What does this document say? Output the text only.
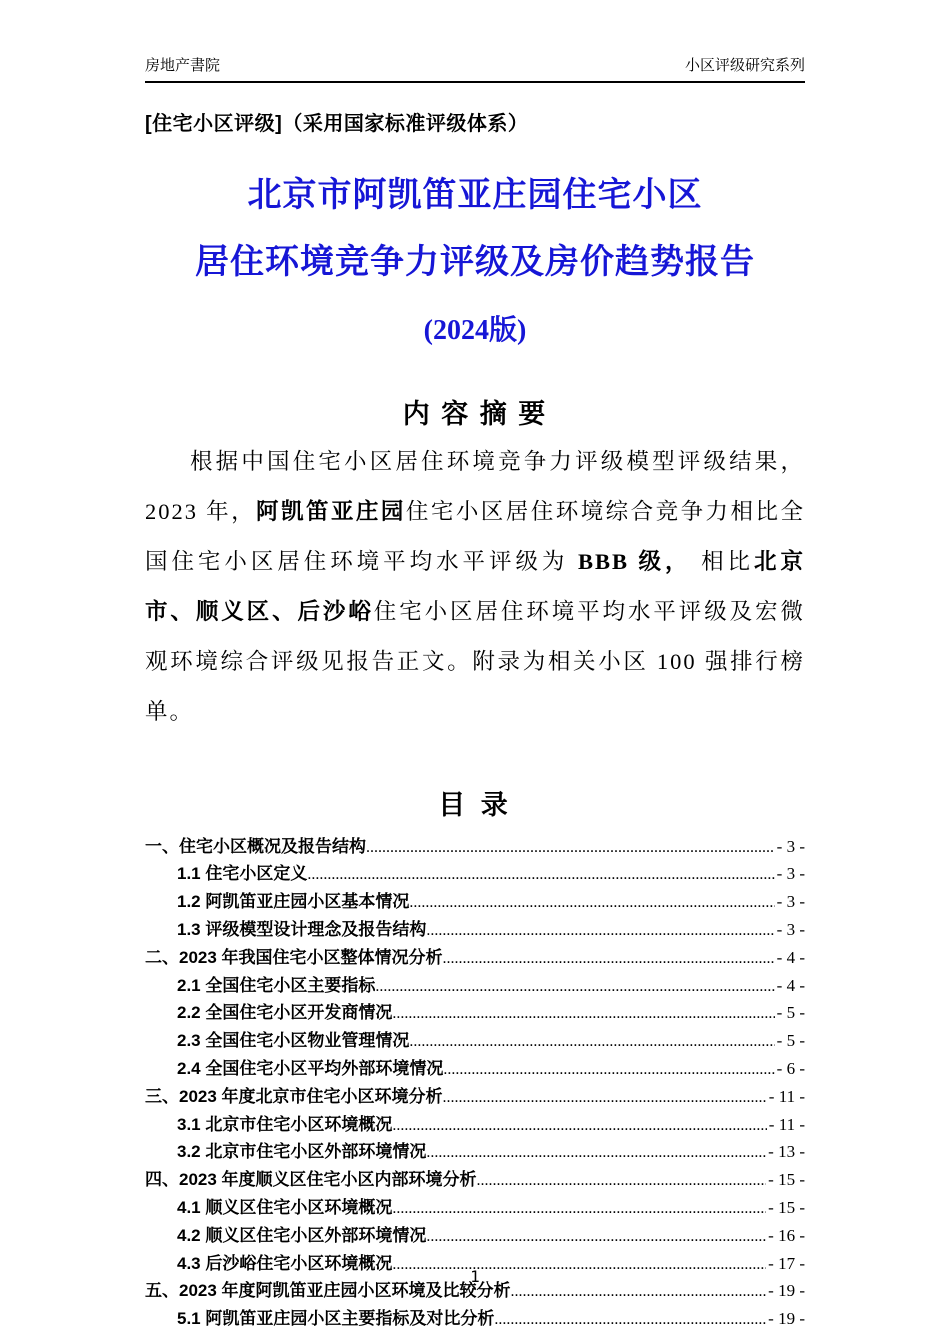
房地产書院	小区评级研究系列
[住宅小区评级]（采用国家标准评级体系）
北京市阿凯笛亚庄园住宅小区
居住环境竞争力评级及房价趋势报告
(2024版)
内 容 摘 要

根据中国住宅小区居住环境竞争力评级模型评级结果，2023 年，阿凯笛亚庄园住宅小区居住环境综合竞争力相比全国住宅小区居住环境平均水平评级为 BBB 级， 相比北京市、顺义区、后沙峪住宅小区居住环境平均水平评级及宏微观环境综合评级见报告正文。附录为相关小区 100 强排行榜单。

目 录
一、住宅小区概况及报告结构 .....	- 3 -
1.1 住宅小区定义 .....	- 3 -
1.2 阿凯笛亚庄园小区基本情况 .....	- 3 -
1.3 评级模型设计理念及报告结构 .....	- 3 -
二、2023 年我国住宅小区整体情况分析 .....	- 4 -
2.1 全国住宅小区主要指标 .....	- 4 -
2.2 全国住宅小区开发商情况 .....	- 5 -
2.3 全国住宅小区物业管理情况 .....	- 5 -
2.4 全国住宅小区平均外部环境情况 .....	- 6 -
三、2023 年度北京市住宅小区环境分析 .....	- 11 -
3.1 北京市住宅小区环境概况 .....	- 11 -
3.2 北京市住宅小区外部环境情况 .....	- 13 -
四、2023 年度顺义区住宅小区内部环境分析 .....	- 15 -
4.1 顺义区住宅小区环境概况 .....	- 15 -
4.2 顺义区住宅小区外部环境情况 .....	- 16 -
4.3 后沙峪住宅小区环境概况 .....	- 17 -
五、2023 年度阿凯笛亚庄园小区环境及比较分析 .....	- 19 -
5.1 阿凯笛亚庄园小区主要指标及对比分析 .....	- 19 -
1
